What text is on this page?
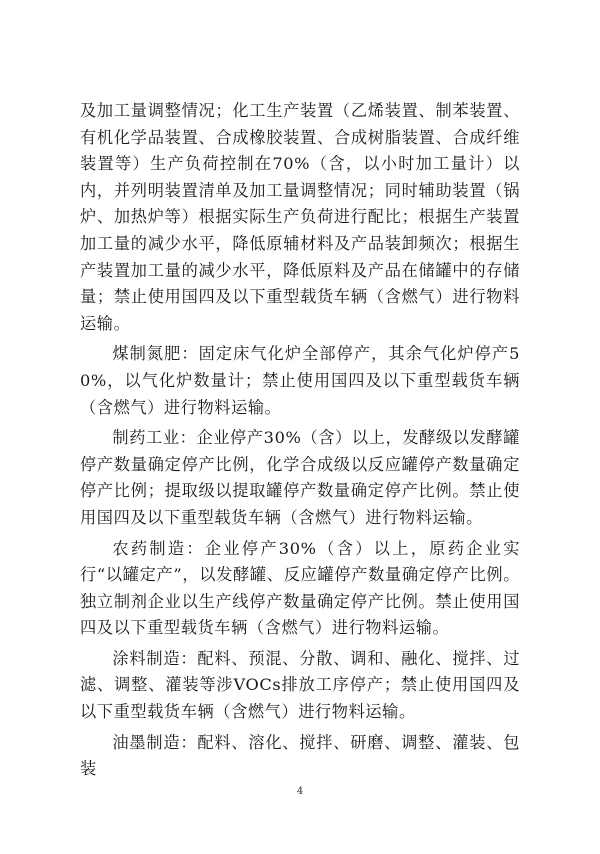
及加工量调整情况；化工生产装置（乙烯装置、制苯装置、有机化学品装置、合成橡胶装置、合成树脂装置、合成纤维装置等）生产负荷控制在70%（含，以小时加工量计）以内，并列明装置清单及加工量调整情况；同时辅助装置（锅炉、加热炉等）根据实际生产负荷进行配比；根据生产装置加工量的减少水平，降低原辅材料及产品装卸频次；根据生产装置加工量的减少水平，降低原料及产品在储罐中的存储量；禁止使用国四及以下重型载货车辆（含燃气）进行物料运输。

煤制氮肥：固定床气化炉全部停产，其余气化炉停产50%，以气化炉数量计；禁止使用国四及以下重型载货车辆（含燃气）进行物料运输。

制药工业：企业停产30%（含）以上，发酵级以发酵罐停产数量确定停产比例，化学合成级以反应罐停产数量确定停产比例；提取级以提取罐停产数量确定停产比例。禁止使用国四及以下重型载货车辆（含燃气）进行物料运输。

农药制造：企业停产30%（含）以上，原药企业实行“以罐定产”，以发酵罐、反应罐停产数量确定停产比例。独立制剂企业以生产线停产数量确定停产比例。禁止使用国四及以下重型载货车辆（含燃气）进行物料运输。

涂料制造：配料、预混、分散、调和、融化、搅拌、过滤、调整、灌装等涉VOCs排放工序停产；禁止使用国四及以下重型载货车辆（含燃气）进行物料运输。

油墨制造：配料、溶化、搅拌、研磨、调整、灌装、包装

4
